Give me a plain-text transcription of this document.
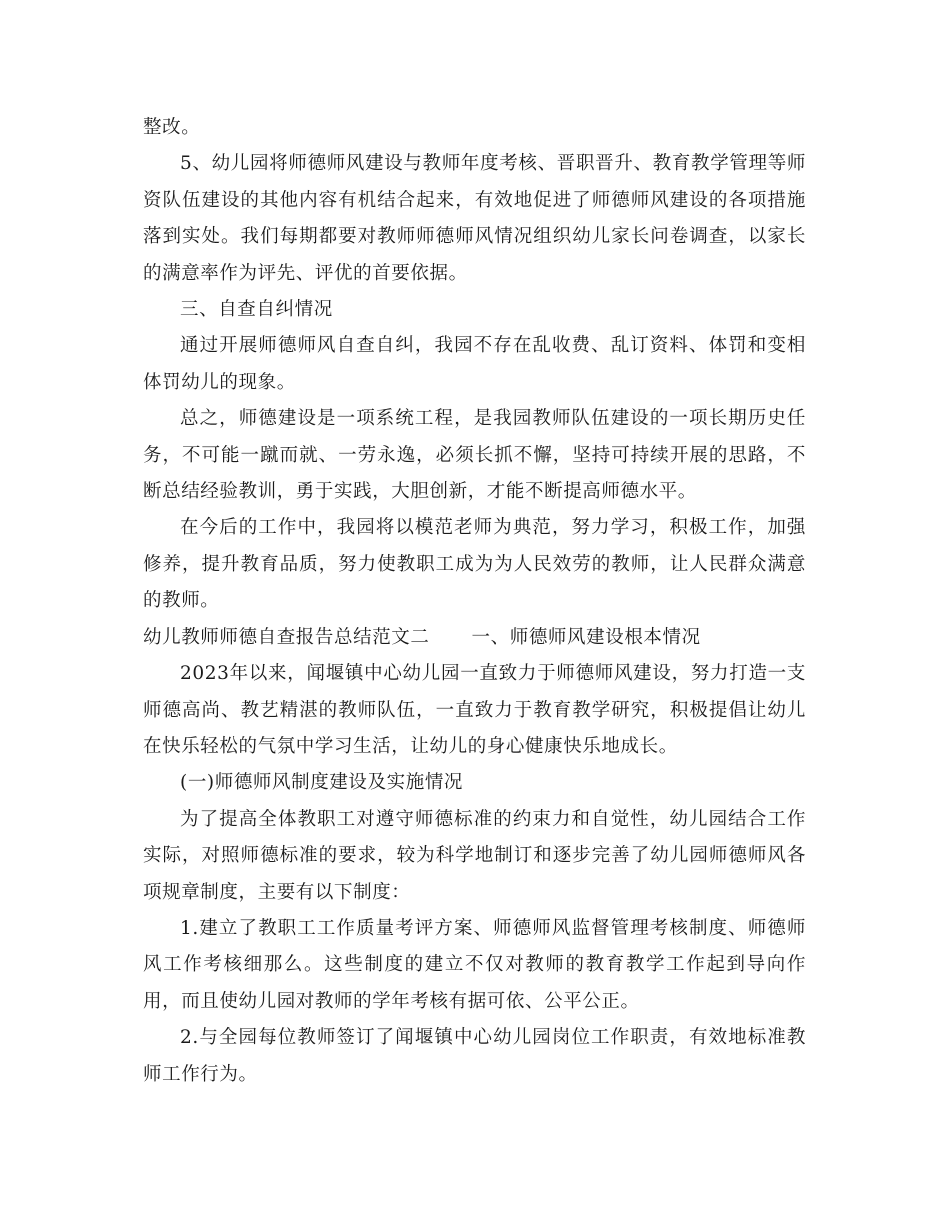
整改。

5、幼儿园将师德师风建设与教师年度考核、晋职晋升、教育教学管理等师资队伍建设的其他内容有机结合起来，有效地促进了师德师风建设的各项措施落到实处。我们每期都要对教师师德师风情况组织幼儿家长问卷调查，以家长的满意率作为评先、评优的首要依据。

三、自查自纠情况

通过开展师德师风自查自纠，我园不存在乱收费、乱订资料、体罚和变相体罚幼儿的现象。

总之，师德建设是一项系统工程，是我园教师队伍建设的一项长期历史任务，不可能一蹴而就、一劳永逸，必须长抓不懈，坚持可持续开展的思路，不断总结经验教训，勇于实践，大胆创新，才能不断提高师德水平。

在今后的工作中，我园将以模范老师为典范，努力学习，积极工作，加强修养，提升教育品质，努力使教职工成为为人民效劳的教师，让人民群众满意的教师。

幼儿教师师德自查报告总结范文二 一、师德师风建设根本情况

2023年以来，闻堰镇中心幼儿园一直致力于师德师风建设，努力打造一支师德高尚、教艺精湛的教师队伍，一直致力于教育教学研究，积极提倡让幼儿在快乐轻松的气氛中学习生活，让幼儿的身心健康快乐地成长。

(一)师德师风制度建设及实施情况

为了提高全体教职工对遵守师德标准的约束力和自觉性，幼儿园结合工作实际，对照师德标准的要求，较为科学地制订和逐步完善了幼儿园师德师风各项规章制度，主要有以下制度：

1.建立了教职工工作质量考评方案、师德师风监督管理考核制度、师德师风工作考核细那么。这些制度的建立不仅对教师的教育教学工作起到导向作用，而且使幼儿园对教师的学年考核有据可依、公平公正。

2.与全园每位教师签订了闻堰镇中心幼儿园岗位工作职责，有效地标准教师工作行为。
